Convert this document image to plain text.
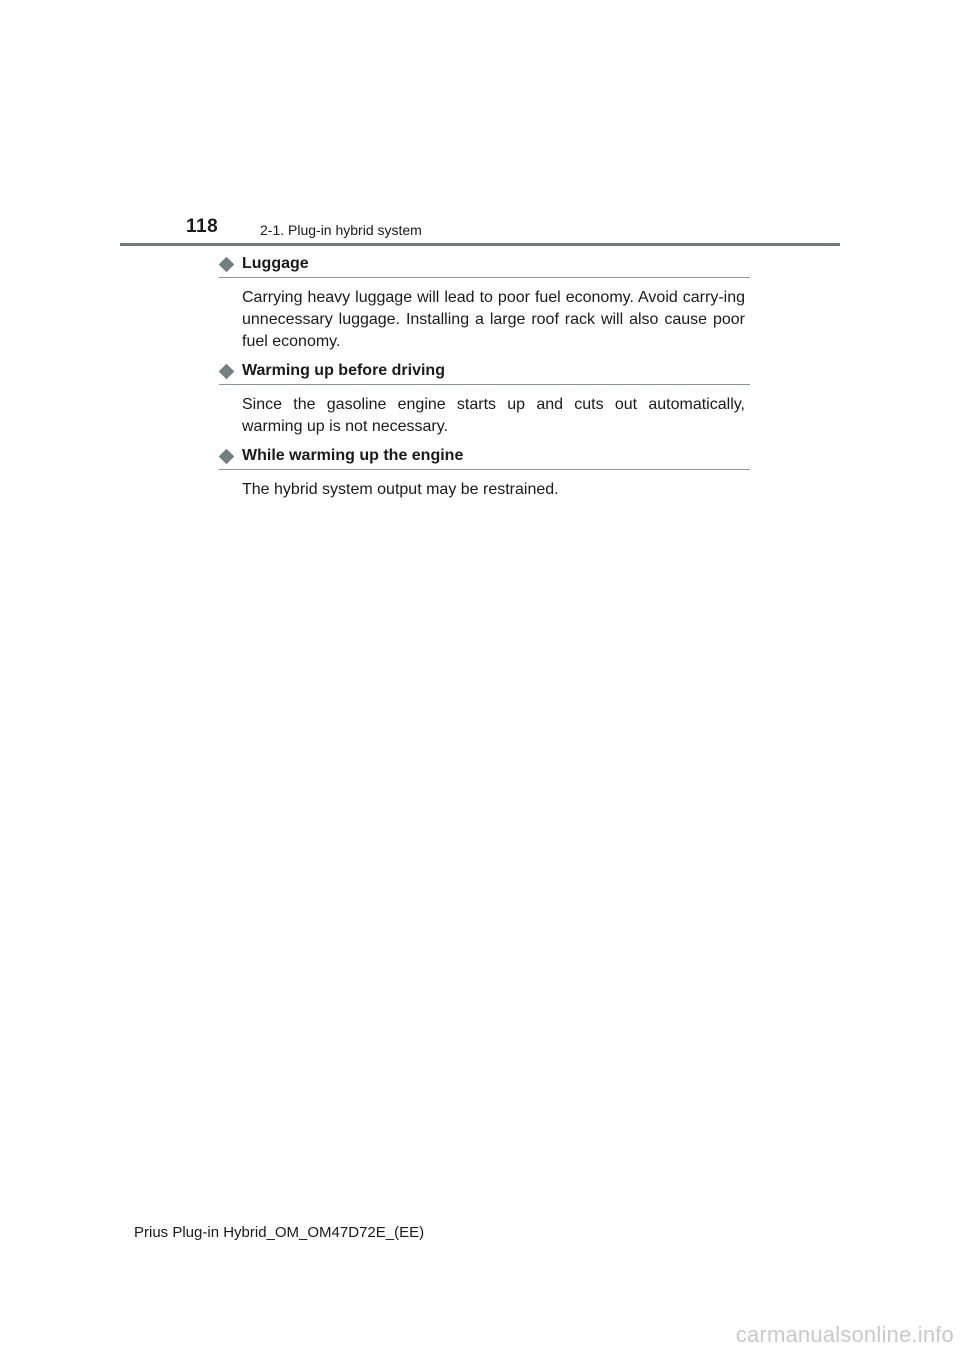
118	2-1. Plug-in hybrid system
Luggage

Carrying heavy luggage will lead to poor fuel economy. Avoid carry-ing unnecessary luggage. Installing a large roof rack will also cause poor fuel economy.

Warming up before driving

Since the gasoline engine starts up and cuts out automatically, warming up is not necessary.

While warming up the engine

The hybrid system output may be restrained.

Prius Plug-in Hybrid_OM_OM47D72E_(EE)
carmanualsonline.info
